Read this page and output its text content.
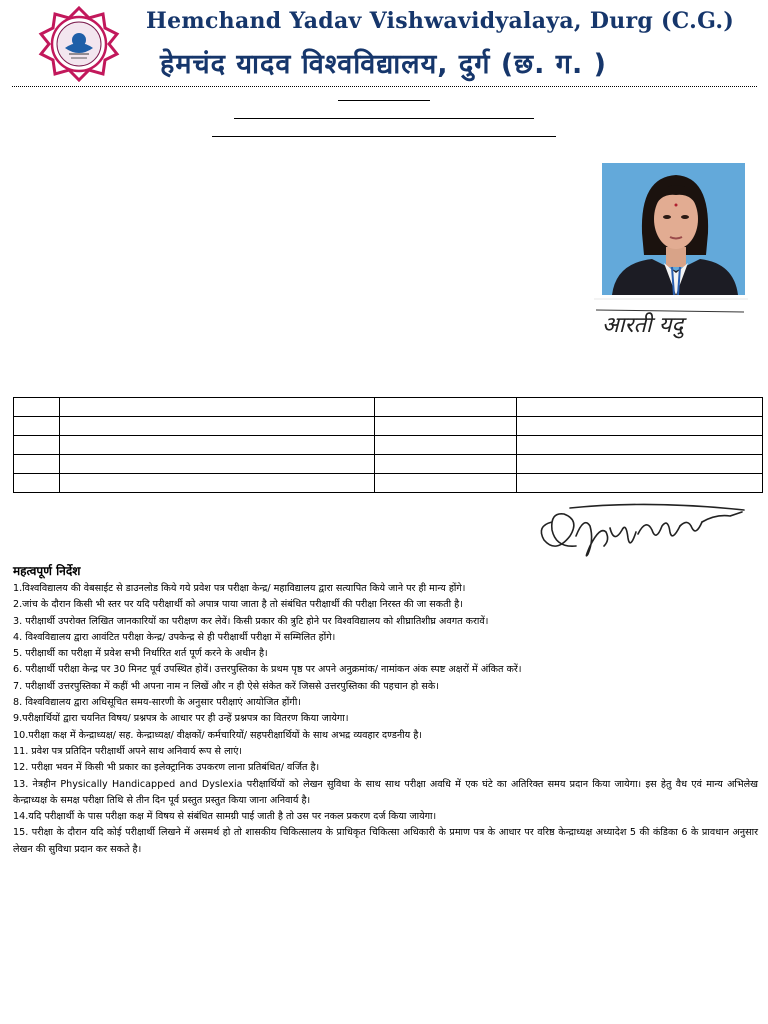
Hemchand Yadav Vishwavidyalaya, Durg (C.G.)
हेमचंद यादव विश्वविद्यालय, दुर्ग (छ. ग. )
आरती यदु

महत्वपूर्ण निर्देश
1.विश्वविद्यालय की वेबसाईट से डाउनलोड किये गये प्रवेश पत्र परीक्षा केन्द्र/ महाविद्यालय द्वारा सत्यापित किये जाने पर ही मान्य होंगे।
2.जांच के दौरान किसी भी स्तर पर यदि परीक्षार्थी को अपात्र पाया जाता है तो संबंधित परीक्षार्थी की परीक्षा निरस्त की जा सकती है।
3. परीक्षार्थी उपरोक्त लिखित जानकारियों का परीक्षण कर लेवें। किसी प्रकार की त्रुटि होने पर विश्वविद्यालय को शीघ्रातिशीघ्र अवगत करावें।
4. विश्वविद्यालय द्वारा आवंटित परीक्षा केन्द्र/ उपकेन्द्र से ही परीक्षार्थी परीक्षा में सम्मिलित होंगे।
5. परीक्षार्थी का परीक्षा में प्रवेश सभी निर्धारित शर्त पूर्ण करने के अधीन है।
6. परीक्षार्थी परीक्षा केन्द्र पर 30 मिनट पूर्व उपस्थित होवें। उत्तरपुस्तिका के प्रथम पृष्ठ पर अपने अनुक्रमांक/ नामांकन अंक स्पष्ट अक्षरों में अंकित करें।
7. परीक्षार्थी उत्तरपुस्तिका में कहीं भी अपना नाम न लिखें और न ही ऐसे संकेत करें जिससे उत्तरपुस्तिका की पहचान हो सके।
8. विश्वविद्यालय द्वारा अधिसूचित समय-सारणी के अनुसार परीक्षाएं आयोजित होंगी।
9.परीक्षार्थियों द्वारा चयनित विषय/ प्रश्नपत्र के आधार पर ही उन्हें प्रश्नपत्र का वितरण किया जायेगा।
10.परीक्षा कक्ष में केन्द्राध्यक्ष/ सह. केन्द्राध्यक्ष/ वीक्षकों/ कर्मचारियों/ सहपरीक्षार्थियों के साथ अभद्र व्यवहार दण्डनीय है।
11. प्रवेश पत्र प्रतिदिन परीक्षार्थी अपने साथ अनिवार्य रूप से लाएं।
12. परीक्षा भवन में किसी भी प्रकार का इलेक्ट्रानिक उपकरण लाना प्रतिबंधित/ वर्जित है।
13. नेत्रहीन Physically Handicapped and Dyslexia परीक्षार्थियों को लेखन सुविधा के साथ साथ परीक्षा अवधि में एक घंटे का अतिरिक्त समय प्रदान किया जायेगा। इस हेतु वैध एवं मान्य अभिलेख केन्द्राध्यक्ष के समक्ष परीक्षा तिथि से तीन दिन पूर्व प्रस्तुत प्रस्तुत किया जाना अनिवार्य है।
14.यदि परीक्षार्थी के पास परीक्षा कक्ष में विषय से संबंधित सामग्री पाई जाती है तो उस पर नकल प्रकरण दर्ज किया जायेगा।
15. परीक्षा के दौरान यदि कोई परीक्षार्थी लिखने में असमर्थ हो तो शासकीय चिकित्सालय के प्राधिकृत चिकित्सा अधिकारी के प्रमाण पत्र के आधार पर वरिष्ठ केन्द्राध्यक्ष अध्यादेश 5 की कंडिका 6 के प्रावधान अनुसार लेखन की सुविधा प्रदान कर सकते है।
